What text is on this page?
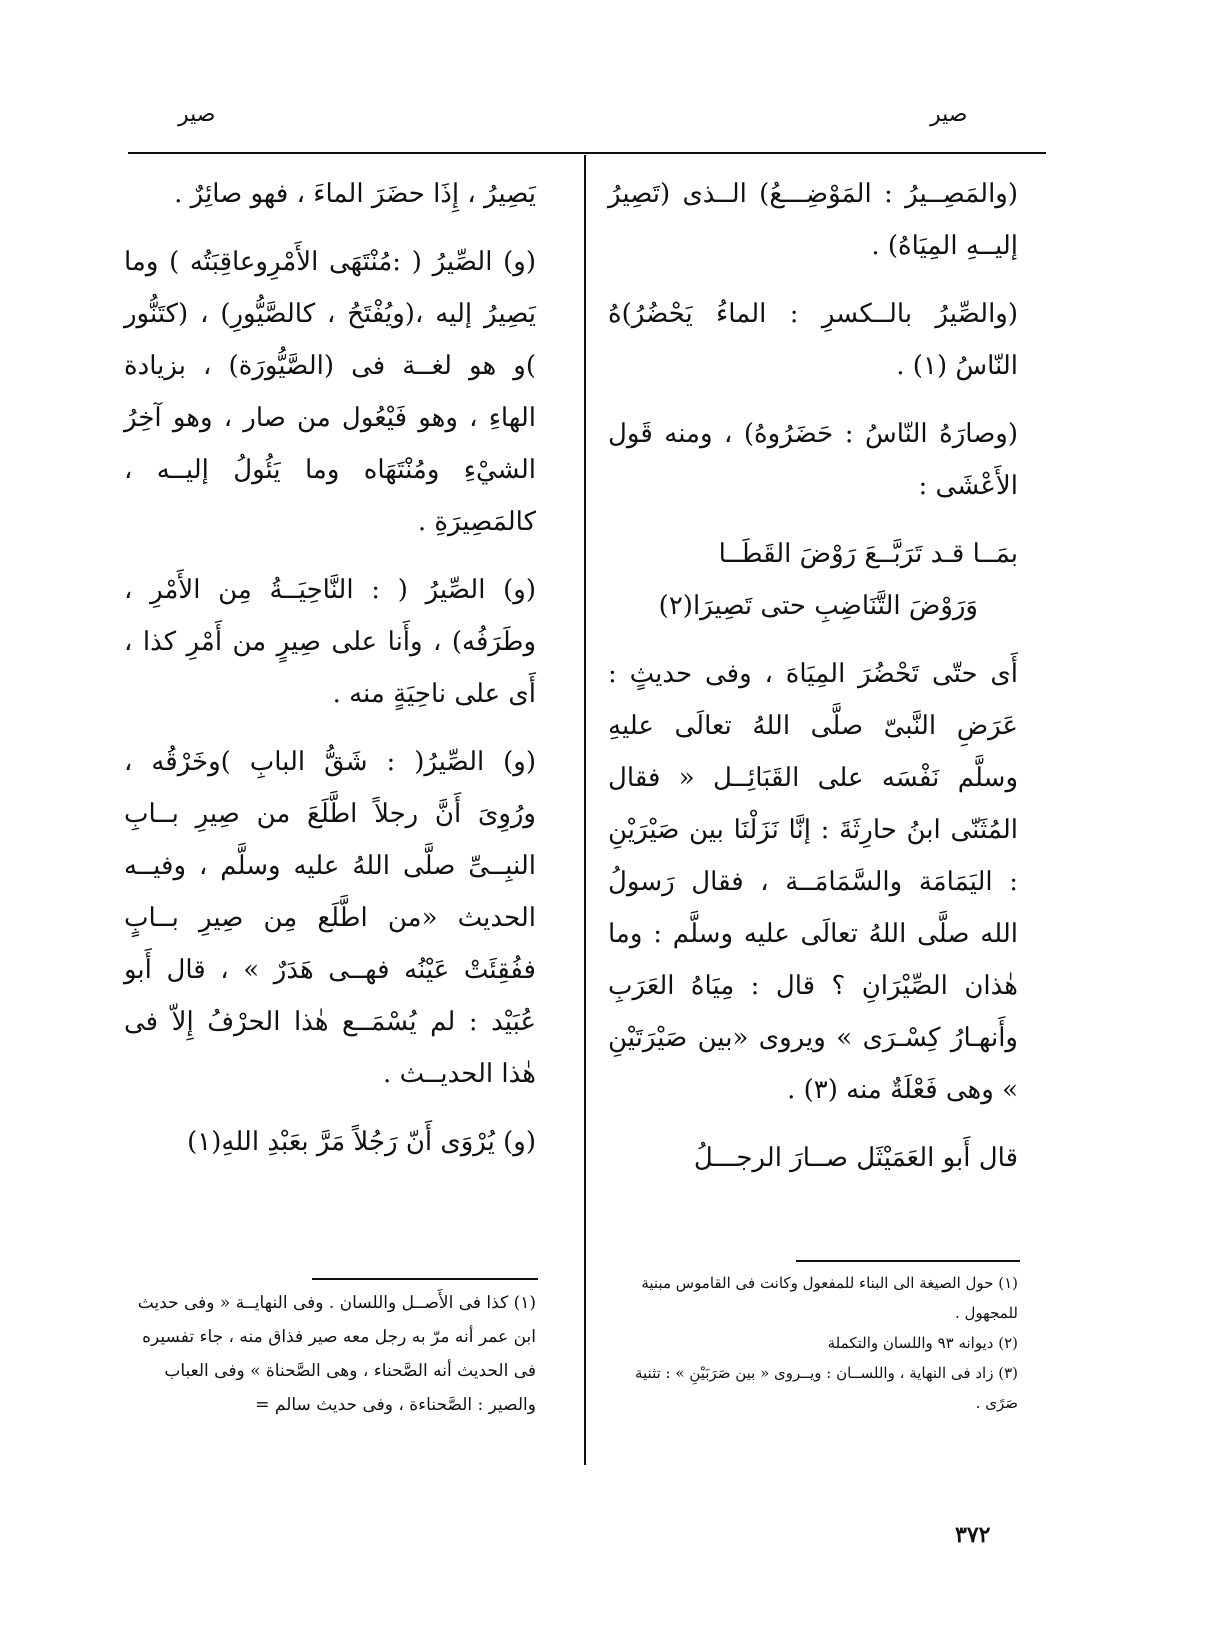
صير	صير

(والمَصِــيرُ : المَوْضِـــعُ) الــذى (تَصِيرُ إليــهِ المِيَاهُ) .

(والصِّيرُ بالــكسرِ : الماءُ يَحْضُرُ)هُ النّاسُ (١) .

(وصارَهُ النّاسُ : حَضَرُوهُ) ، ومنه قَول الأَعْشَى :

بمَــا قـد تَرَبَّــعَ رَوْضَ القَطَــا
وَرَوْضَ التَّنَاضِبِ حتى تَصِيرَا(٢)

أَى حتّى تَحْضُرَ المِيَاهَ ، وفى حديثٍ : عَرَضِ النَّبىّ صلَّى اللهُ تعالَى عليهِ وسلَّم نَفْسَه على القَبَائِــل « فقال المُثَنّى ابنُ حارِثَةَ : إنَّا نَزَلْنَا بين صَيْرَيْنِ : اليَمَامَة والسَّمَامَــة ، فقال رَسولُ الله صلَّى اللهُ تعالَى عليه وسلَّم : وما هٰذان الصِّيْرَانِ ؟ قال : مِيَاهُ العَرَبِ وأَنهـارُ كِسْـرَى » ويروى «بين صَيْرَتَيْنِ » وهى فَعْلَةٌ منه (٣) .

قال أَبو العَمَيْثَل صــارَ الرجـــلُ

يَصِيرُ ، إِذَا حضَرَ الماءَ ، فهو صائِرٌ .

(و) الصِّيرُ ( :مُنْتَهَى الأَمْرِوعاقِبَتُه ) وما يَصِيرُ إليه ،(ويُفْتَحُ ، كالصَّيُّورِ) ، (كتَنُّور )و هو لغــة فى (الصَّيُّورَة) ، بزيادة الهاءِ ، وهو فَيْعُول من صار ، وهو آخِرُ الشيْءِ ومُنْتَهَاه وما يَئُولُ إليــه ، كالمَصِيرَةِ .

(و) الصِّيرُ ( : النَّاحِيَــةُ مِن الأَمْرِ ، وطَرَفُه) ، وأَنا على صِيرٍ من أَمْرِ كذا ، أَى على ناحِيَةٍ منه .

(و) الصِّيرُ( : شَقُّ البابِ )وخَرْقُه ، ورُوِىَ أَنَّ رجلاً اطَّلَعَ من صِيرِ بــابِ النبِــىِّ صلَّى اللهُ عليه وسلَّم ، وفيــه الحديث «من اطَّلَع مِن صِيرِ بــابٍ ففُقِئَتْ عَيْنُه فهــى هَدَرٌ » ، قال أَبو عُبَيْد : لم يُسْمَــع هٰذا الحرْفُ إِلاّ فى هٰذا الحديــث .

(و) يُرْوَى أَنّ رَجُلاً مَرَّ بعَبْدِ اللهِ(١)

(١) حول الصيغة الى البناء للمفعول وكانت فى القاموس مبنية للمجهول .

(٢) ديوانه ٩٣ واللسان والتكملة

(٣) زاد فى النهاية ، واللســان : ويــروى « بين صَرَبَيْنِ » : تثنية صَرًى .

(١) كذا فى الأَصــل واللسان . وفى النهايــة « وفى حديث ابن عمر أنه مرّ به رجل معه صير فذاق منه ، جاء تفسيره فى الحديث أنه الصَّحناء ، وهى الصَّحناة » وفى العباب والصير : الصَّحناءة ، وفى حديث سالم =

٣٧٢
